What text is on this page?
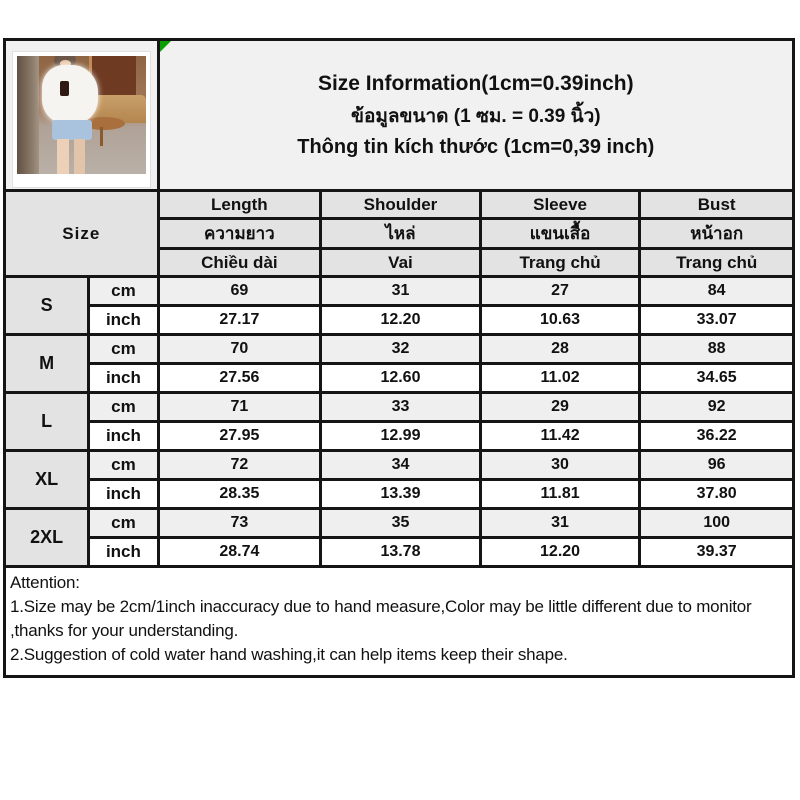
		Size Information(1cm=0.39inch)
ข้อมูลขนาด (1 ซม. = 0.39 นิ้ว)
Thông tin kích thước (1cm=0,39 inch)			

Size		Length	Shoulder	Sleeve	Bust
		ความยาว	ไหล่	แขนเสื้อ	หน้าอก
		Chiều dài	Vai	Trang chủ	Trang chủ
S	cm	69	31	27	84
	inch	27.17	12.20	10.63	33.07
M	cm	70	32	28	88
	inch	27.56	12.60	11.02	34.65
L	cm	71	33	29	92
	inch	27.95	12.99	11.42	36.22
XL	cm	72	34	30	96
	inch	28.35	13.39	11.81	37.80
2XL	cm	73	35	31	100
	inch	28.74	13.78	12.20	39.37
Attention:
1.Size may be 2cm/1inch inaccuracy due to hand measure,Color may be little different due to monitor ,thanks for your understanding.
2.Suggestion of cold water hand washing,it can help items keep their shape.
